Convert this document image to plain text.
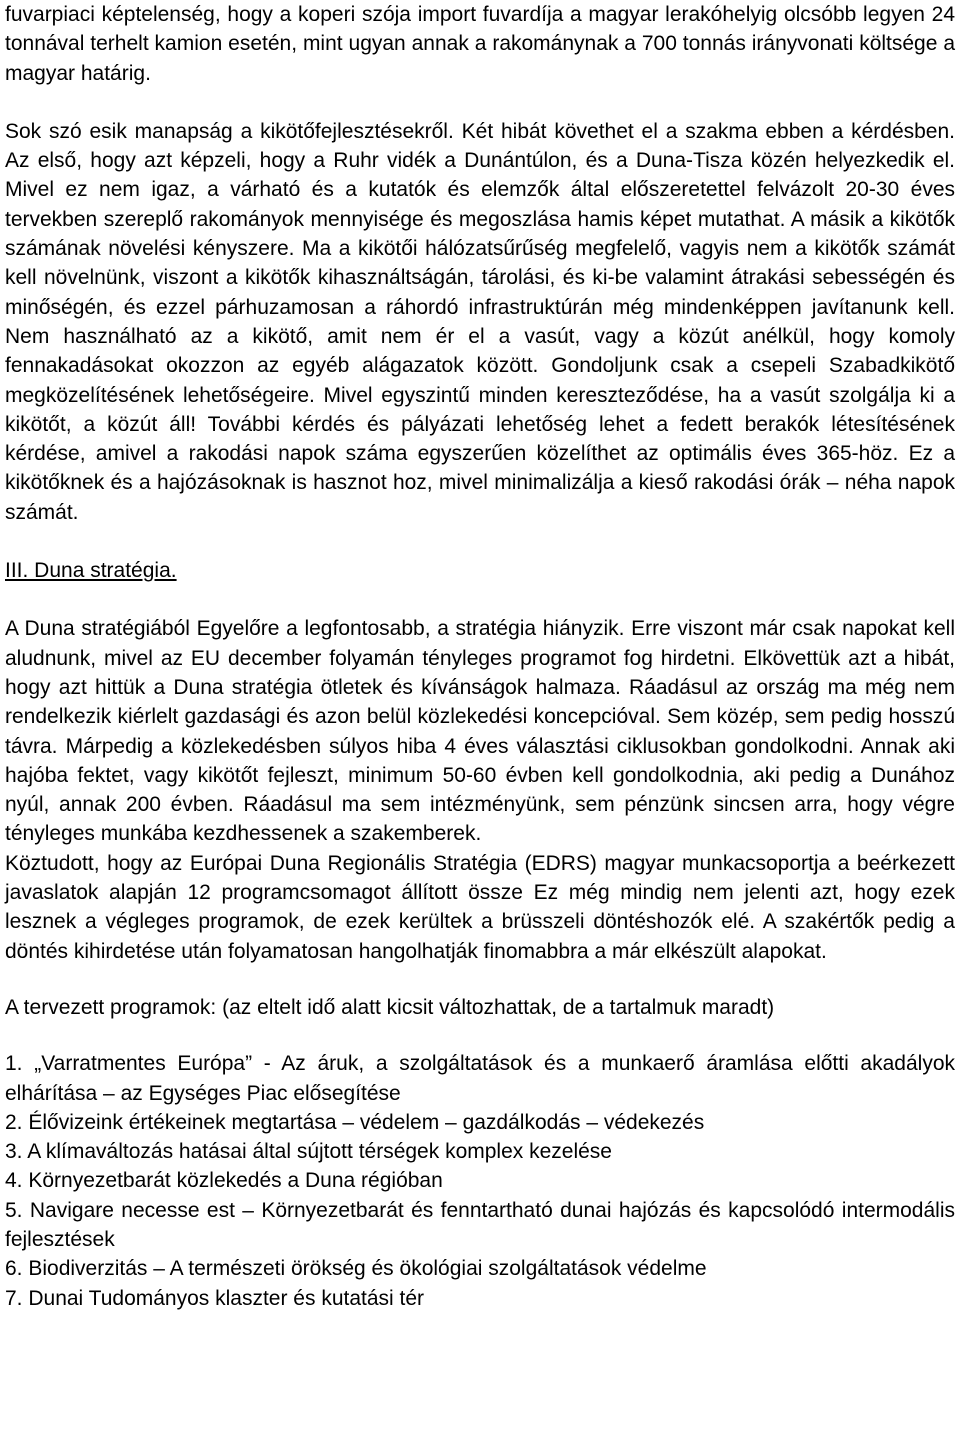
fuvarpiaci képtelenség, hogy a koperi szója import fuvardíja a magyar lerakóhelyig olcsóbb legyen 24 tonnával terhelt kamion esetén, mint ugyan annak a rakománynak a 700 tonnás irányvonati költsége a magyar határig.

Sok szó esik manapság a kikötőfejlesztésekről. Két hibát követhet el a szakma ebben a kérdésben. Az első, hogy azt képzeli, hogy a Ruhr vidék a Dunántúlon, és a Duna-Tisza közén helyezkedik el. Mivel ez nem igaz, a várható és a kutatók és elemzők által előszeretettel felvázolt 20-30 éves tervekben szereplő rakományok mennyisége és megoszlása hamis képet mutathat. A másik a kikötők számának növelési kényszere. Ma a kikötői hálózatsűrűség megfelelő, vagyis nem a kikötők számát kell növelnünk, viszont a kikötők kihasználtságán, tárolási, és ki-be valamint átrakási sebességén és minőségén, és ezzel párhuzamosan a ráhordó infrastruktúrán még mindenképpen javítanunk kell. Nem használható az a kikötő, amit nem ér el a vasút, vagy a közút anélkül, hogy komoly fennakadásokat okozzon az egyéb alágazatok között. Gondoljunk csak a csepeli Szabadkikötő megközelítésének lehetőségeire. Mivel egyszintű minden kereszteződése, ha a vasút szolgálja ki a kikötőt, a közút áll! További kérdés és pályázati lehetőség lehet a fedett berakók létesítésének kérdése, amivel a rakodási napok száma egyszerűen közelíthet az optimális éves 365-höz. Ez a kikötőknek és a hajózásoknak is hasznot hoz, mivel minimalizálja a kieső rakodási órák – néha napok számát.

III. Duna stratégia.

A Duna stratégiából Egyelőre a legfontosabb, a stratégia hiányzik. Erre viszont már csak napokat kell aludnunk, mivel az EU december folyamán tényleges programot fog hirdetni. Elkövettük azt a hibát, hogy azt hittük a Duna stratégia ötletek és kívánságok halmaza. Ráadásul az ország ma még nem rendelkezik kiérlelt gazdasági és azon belül közlekedési koncepcióval. Sem közép, sem pedig hosszú távra. Márpedig a közlekedésben súlyos hiba 4 éves választási ciklusokban gondolkodni. Annak aki hajóba fektet, vagy kikötőt fejleszt, minimum 50-60 évben kell gondolkodnia, aki pedig a Dunához nyúl, annak 200 évben. Ráadásul ma sem intézményünk, sem pénzünk sincsen arra, hogy végre tényleges munkába kezdhessenek a szakemberek.

Köztudott, hogy az Európai Duna Regionális Stratégia (EDRS) magyar munkacsoportja a beérkezett javaslatok alapján 12 programcsomagot állított össze Ez még mindig nem jelenti azt, hogy ezek lesznek a végleges programok, de ezek kerültek a brüsszeli döntéshozók elé. A szakértők pedig a döntés kihirdetése után folyamatosan hangolhatják finomabbra a már elkészült alapokat.

A tervezett programok: (az eltelt idő alatt kicsit változhattak, de a tartalmuk maradt)

1. „Varratmentes Európa” - Az áruk, a szolgáltatások és a munkaerő áramlása előtti akadályok elhárítása – az Egységes Piac elősegítése
2. Élővizeink értékeinek megtartása – védelem – gazdálkodás – védekezés
3. A klímaváltozás hatásai által sújtott térségek komplex kezelése
4. Környezetbarát közlekedés a Duna régióban
5. Navigare necesse est – Környezetbarát és fenntartható dunai hajózás és kapcsolódó intermodális fejlesztések
6. Biodiverzitás – A természeti örökség és ökológiai szolgáltatások védelme
7. Dunai Tudományos klaszter és kutatási tér
